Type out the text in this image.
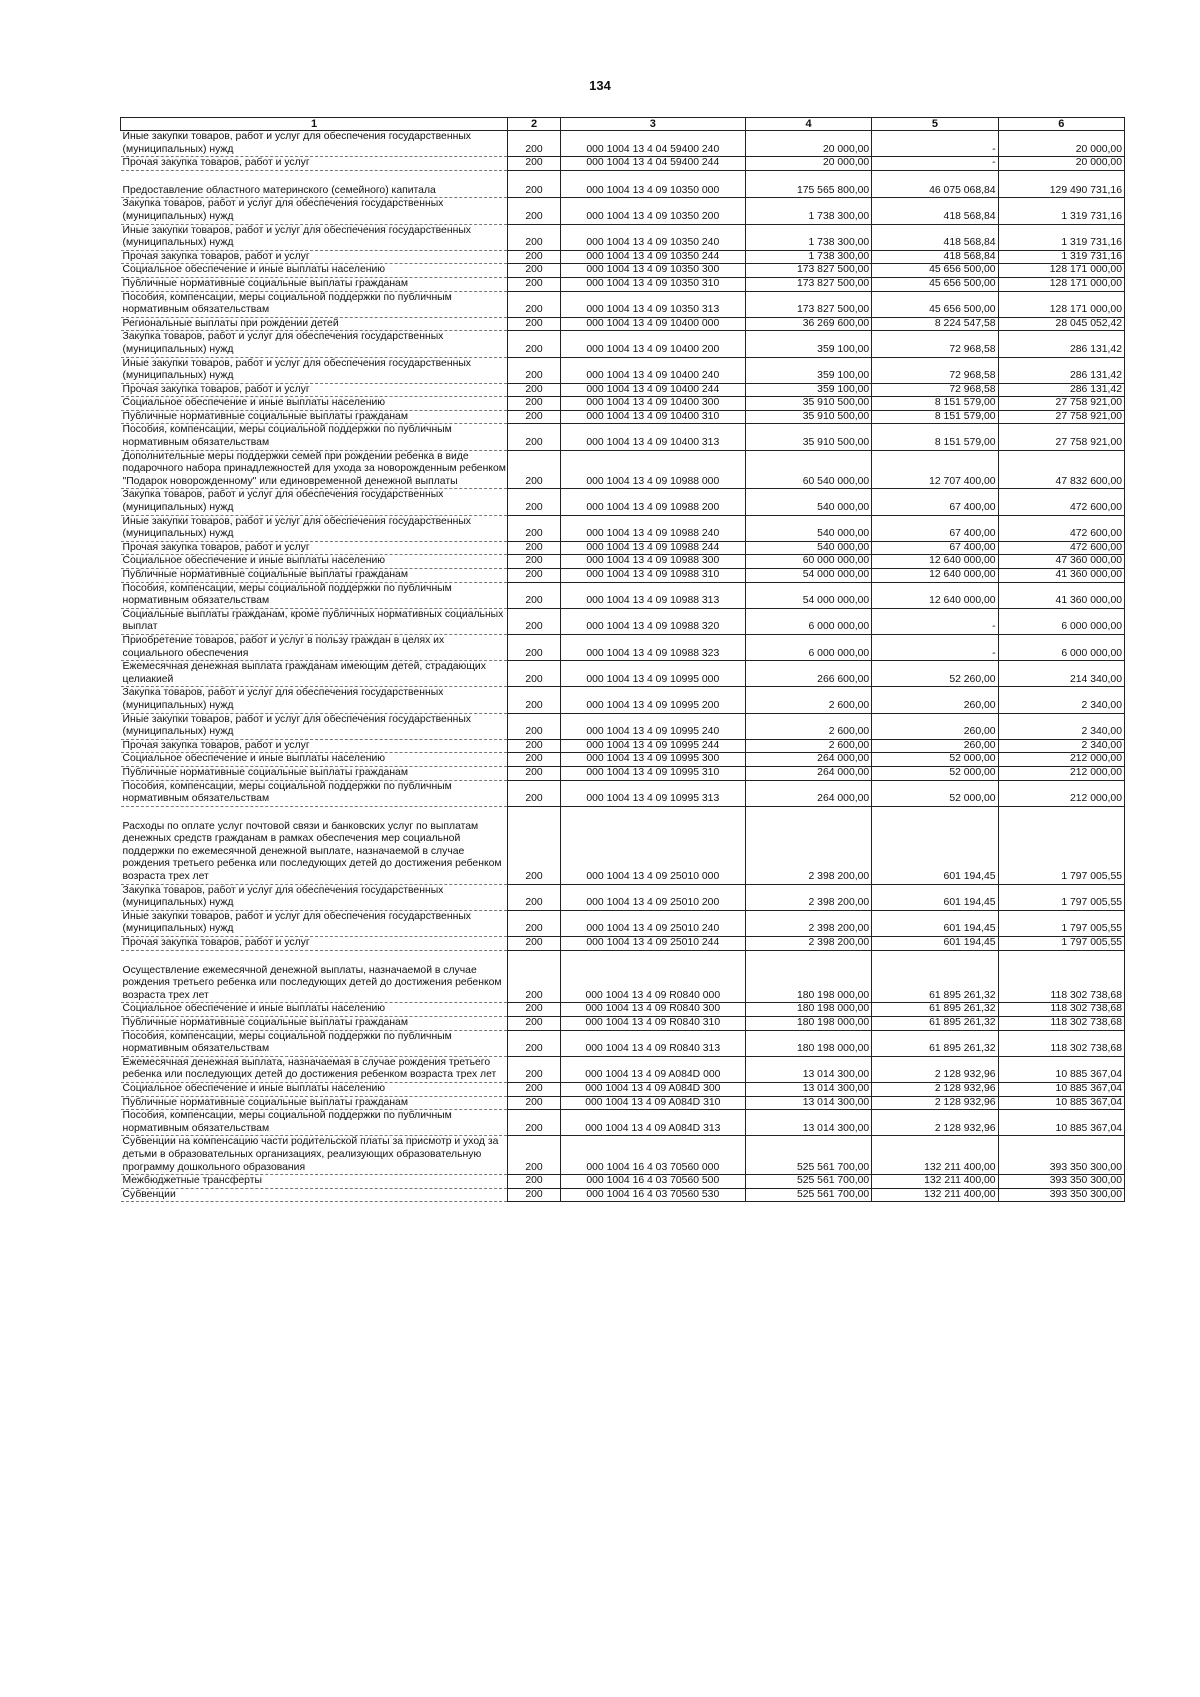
134
1	2	3	4	5	6
Иные закупки товаров, работ и услуг для обеспечения государственных (муниципальных) нужд	200	000 1004 13 4 04 59400 240	20 000,00	-	20 000,00
Прочая закупка товаров, работ и услуг	200	000 1004 13 4 04 59400 244	20 000,00	-	20 000,00
Предоставление областного материнского (семейного) капитала	200	000 1004 13 4 09 10350 000	175 565 800,00	46 075 068,84	129 490 731,16
Закупка товаров, работ и услуг для обеспечения государственных (муниципальных) нужд	200	000 1004 13 4 09 10350 200	1 738 300,00	418 568,84	1 319 731,16
Иные закупки товаров, работ и услуг для обеспечения государственных (муниципальных) нужд	200	000 1004 13 4 09 10350 240	1 738 300,00	418 568,84	1 319 731,16
Прочая закупка товаров, работ и услуг	200	000 1004 13 4 09 10350 244	1 738 300,00	418 568,84	1 319 731,16
Социальное обеспечение и иные выплаты населению	200	000 1004 13 4 09 10350 300	173 827 500,00	45 656 500,00	128 171 000,00
Публичные нормативные социальные выплаты гражданам	200	000 1004 13 4 09 10350 310	173 827 500,00	45 656 500,00	128 171 000,00
Пособия, компенсации, меры социальной поддержки по публичным нормативным обязательствам	200	000 1004 13 4 09 10350 313	173 827 500,00	45 656 500,00	128 171 000,00
Региональные выплаты при рождении детей	200	000 1004 13 4 09 10400 000	36 269 600,00	8 224 547,58	28 045 052,42
Закупка товаров, работ и услуг для обеспечения государственных (муниципальных) нужд	200	000 1004 13 4 09 10400 200	359 100,00	72 968,58	286 131,42
Иные закупки товаров, работ и услуг для обеспечения государственных (муниципальных) нужд	200	000 1004 13 4 09 10400 240	359 100,00	72 968,58	286 131,42
Прочая закупка товаров, работ и услуг	200	000 1004 13 4 09 10400 244	359 100,00	72 968,58	286 131,42
Социальное обеспечение и иные выплаты населению	200	000 1004 13 4 09 10400 300	35 910 500,00	8 151 579,00	27 758 921,00
Публичные нормативные социальные выплаты гражданам	200	000 1004 13 4 09 10400 310	35 910 500,00	8 151 579,00	27 758 921,00
Пособия, компенсации, меры социальной поддержки по публичным нормативным обязательствам	200	000 1004 13 4 09 10400 313	35 910 500,00	8 151 579,00	27 758 921,00
Дополнительные меры поддержки семей при рождении ребенка в виде подарочного набора принадлежностей для ухода за новорожденным ребенком "Подарок новорожденному" или единовременной денежной выплаты	200	000 1004 13 4 09 10988 000	60 540 000,00	12 707 400,00	47 832 600,00
Закупка товаров, работ и услуг для обеспечения государственных (муниципальных) нужд	200	000 1004 13 4 09 10988 200	540 000,00	67 400,00	472 600,00
Иные закупки товаров, работ и услуг для обеспечения государственных (муниципальных) нужд	200	000 1004 13 4 09 10988 240	540 000,00	67 400,00	472 600,00
Прочая закупка товаров, работ и услуг	200	000 1004 13 4 09 10988 244	540 000,00	67 400,00	472 600,00
Социальное обеспечение и иные выплаты населению	200	000 1004 13 4 09 10988 300	60 000 000,00	12 640 000,00	47 360 000,00
Публичные нормативные социальные выплаты гражданам	200	000 1004 13 4 09 10988 310	54 000 000,00	12 640 000,00	41 360 000,00
Пособия, компенсации, меры социальной поддержки по публичным нормативным обязательствам	200	000 1004 13 4 09 10988 313	54 000 000,00	12 640 000,00	41 360 000,00
Социальные выплаты гражданам, кроме публичных нормативных социальных выплат	200	000 1004 13 4 09 10988 320	6 000 000,00	-	6 000 000,00
Приобретение товаров, работ и услуг в пользу граждан в целях их социального обеспечения	200	000 1004 13 4 09 10988 323	6 000 000,00	-	6 000 000,00
Ежемесячная денежная выплата гражданам имеющим детей, страдающих целиакией	200	000 1004 13 4 09 10995 000	266 600,00	52 260,00	214 340,00
Закупка товаров, работ и услуг для обеспечения государственных (муниципальных) нужд	200	000 1004 13 4 09 10995 200	2 600,00	260,00	2 340,00
Иные закупки товаров, работ и услуг для обеспечения государственных (муниципальных) нужд	200	000 1004 13 4 09 10995 240	2 600,00	260,00	2 340,00
Прочая закупка товаров, работ и услуг	200	000 1004 13 4 09 10995 244	2 600,00	260,00	2 340,00
Социальное обеспечение и иные выплаты населению	200	000 1004 13 4 09 10995 300	264 000,00	52 000,00	212 000,00
Публичные нормативные социальные выплаты гражданам	200	000 1004 13 4 09 10995 310	264 000,00	52 000,00	212 000,00
Пособия, компенсации, меры социальной поддержки по публичным нормативным обязательствам	200	000 1004 13 4 09 10995 313	264 000,00	52 000,00	212 000,00
Расходы по оплате услуг почтовой связи и банковских услуг по выплатам денежных средств гражданам в рамках обеспечения мер социальной поддержки по ежемесячной денежной выплате, назначаемой в случае рождения третьего ребенка или последующих детей до достижения ребенком возраста трех лет	200	000 1004 13 4 09 25010 000	2 398 200,00	601 194,45	1 797 005,55
Закупка товаров, работ и услуг для обеспечения государственных (муниципальных) нужд	200	000 1004 13 4 09 25010 200	2 398 200,00	601 194,45	1 797 005,55
Иные закупки товаров, работ и услуг для обеспечения государственных (муниципальных) нужд	200	000 1004 13 4 09 25010 240	2 398 200,00	601 194,45	1 797 005,55
Прочая закупка товаров, работ и услуг	200	000 1004 13 4 09 25010 244	2 398 200,00	601 194,45	1 797 005,55
Осуществление ежемесячной денежной выплаты, назначаемой в случае рождения третьего ребенка или последующих детей до достижения ребенком возраста трех лет	200	000 1004 13 4 09 R0840 000	180 198 000,00	61 895 261,32	118 302 738,68
Социальное обеспечение и иные выплаты населению	200	000 1004 13 4 09 R0840 300	180 198 000,00	61 895 261,32	118 302 738,68
Публичные нормативные социальные выплаты гражданам	200	000 1004 13 4 09 R0840 310	180 198 000,00	61 895 261,32	118 302 738,68
Пособия, компенсации, меры социальной поддержки по публичным нормативным обязательствам	200	000 1004 13 4 09 R0840 313	180 198 000,00	61 895 261,32	118 302 738,68
Ежемесячная денежная выплата, назначаемая в случае рождения третьего ребенка или последующих детей до достижения ребенком возраста трех лет	200	000 1004 13 4 09 A084D 000	13 014 300,00	2 128 932,96	10 885 367,04
Социальное обеспечение и иные выплаты населению	200	000 1004 13 4 09 A084D 300	13 014 300,00	2 128 932,96	10 885 367,04
Публичные нормативные социальные выплаты гражданам	200	000 1004 13 4 09 A084D 310	13 014 300,00	2 128 932,96	10 885 367,04
Пособия, компенсации, меры социальной поддержки по публичным нормативным обязательствам	200	000 1004 13 4 09 A084D 313	13 014 300,00	2 128 932,96	10 885 367,04
Субвенции на компенсацию части родительской платы за присмотр и уход за детьми в образовательных организациях, реализующих образовательную программу дошкольного образования	200	000 1004 16 4 03 70560 000	525 561 700,00	132 211 400,00	393 350 300,00
Межбюджетные трансферты	200	000 1004 16 4 03 70560 500	525 561 700,00	132 211 400,00	393 350 300,00
Субвенции	200	000 1004 16 4 03 70560 530	525 561 700,00	132 211 400,00	393 350 300,00
